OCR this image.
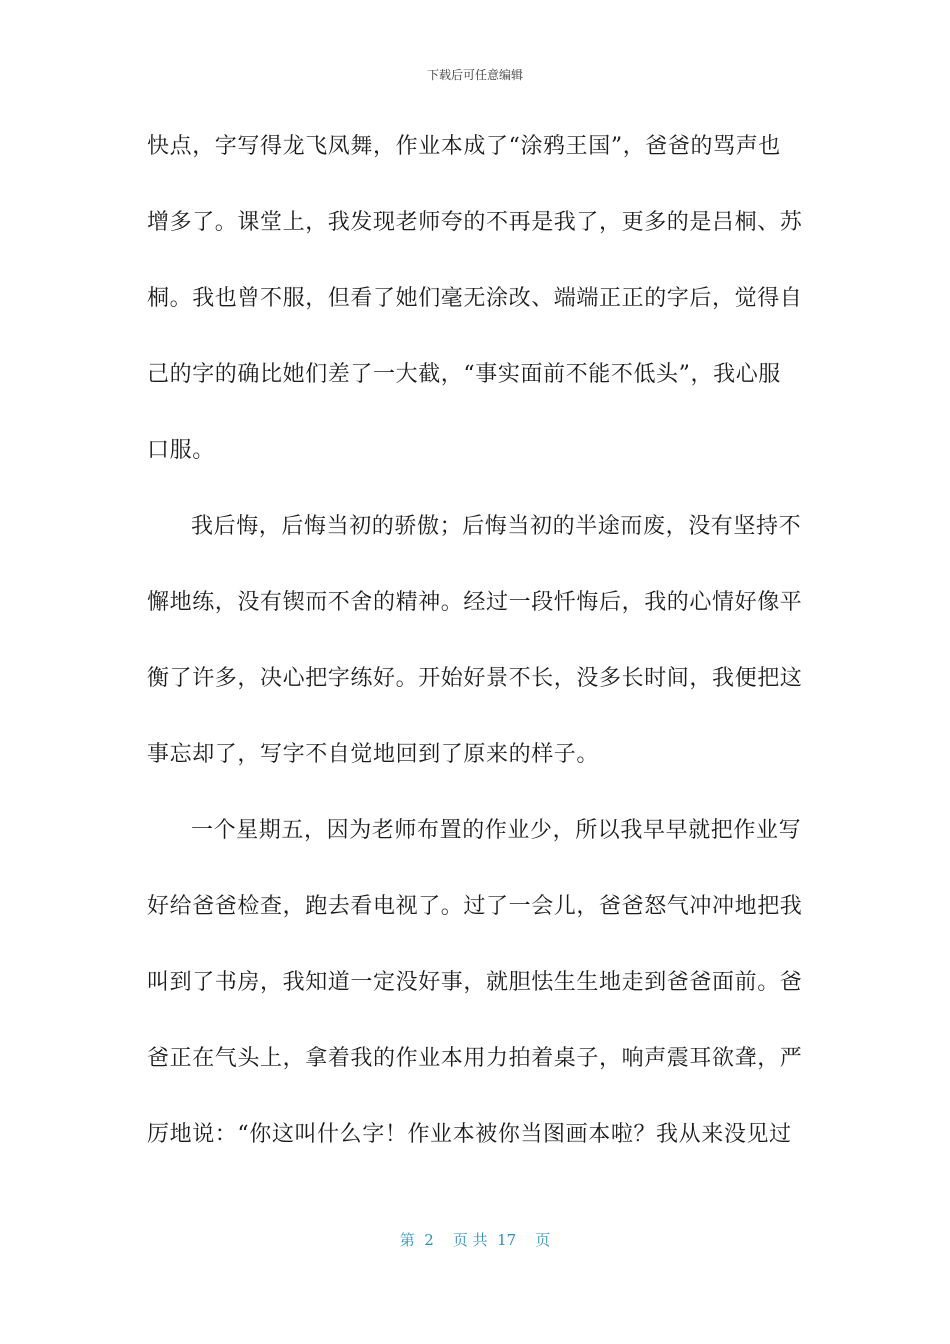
下载后可任意编辑
快点，字写得龙飞凤舞，作业本成了“涂鸦王国”，爸爸的骂声也
增多了。课堂上，我发现老师夸的不再是我了，更多的是吕桐、苏
桐。我也曾不服，但看了她们毫无涂改、端端正正的字后，觉得自
己的字的确比她们差了一大截，“事实面前不能不低头”，我心服
口服。
我后悔，后悔当初的骄傲；后悔当初的半途而废，没有坚持不
懈地练，没有锲而不舍的精神。经过一段忏悔后，我的心情好像平
衡了许多，决心把字练好。开始好景不长，没多长时间，我便把这
事忘却了，写字不自觉地回到了原来的样子。
一个星期五，因为老师布置的作业少，所以我早早就把作业写
好给爸爸检查，跑去看电视了。过了一会儿，爸爸怒气冲冲地把我
叫到了书房，我知道一定没好事，就胆怯生生地走到爸爸面前。爸
爸正在气头上，拿着我的作业本用力拍着桌子，响声震耳欲聋，严
厉地说：“你这叫什么字！作业本被你当图画本啦？我从来没见过
第  2    页 共  17    页
